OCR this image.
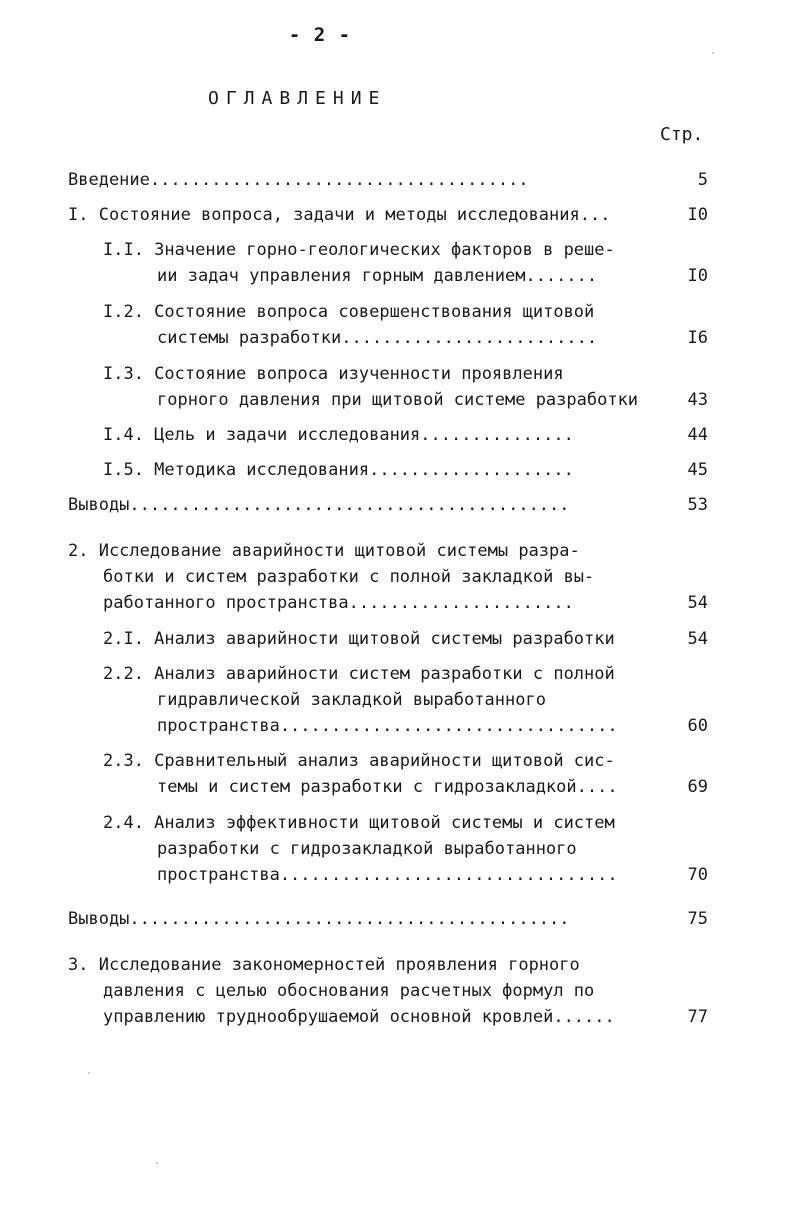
- 2 -
ОГЛАВЛЕНИЕ
Стр.
Введение.....................................	5
I. Состояние вопроса, задачи и методы исследования...	I0
I.I. Значение горно-геологических факторов в реше-
ии задач управления горным давлением.......	I0
I.2. Состояние вопроса совершенствования щитовой
системы разработки.........................	I6
I.3. Состояние вопроса изученности проявления
горного давления при щитовой системе разработки	43
I.4. Цель и задачи исследования...............	44
I.5. Методика исследования....................	45
Выводы...........................................	53
2. Исследование аварийности щитовой системы разра-
ботки и систем разработки с полной закладкой вы-
работанного пространства......................	54
2.I. Анализ аварийности щитовой системы разработки	54
2.2. Анализ аварийности систем разработки с полной
гидравлической закладкой выработанного
пространства.................................	60
2.3. Сравнительный анализ аварийности щитовой сис-
темы и систем разработки с гидрозакладкой....	69
2.4. Анализ эффективности щитовой системы и систем
разработки с гидрозакладкой выработанного
пространства.................................	70
Выводы...........................................	75
3. Исследование закономерностей проявления горного
давления с целью обоснования расчетных формул по
управлению труднообрушаемой основной кровлей......	77
